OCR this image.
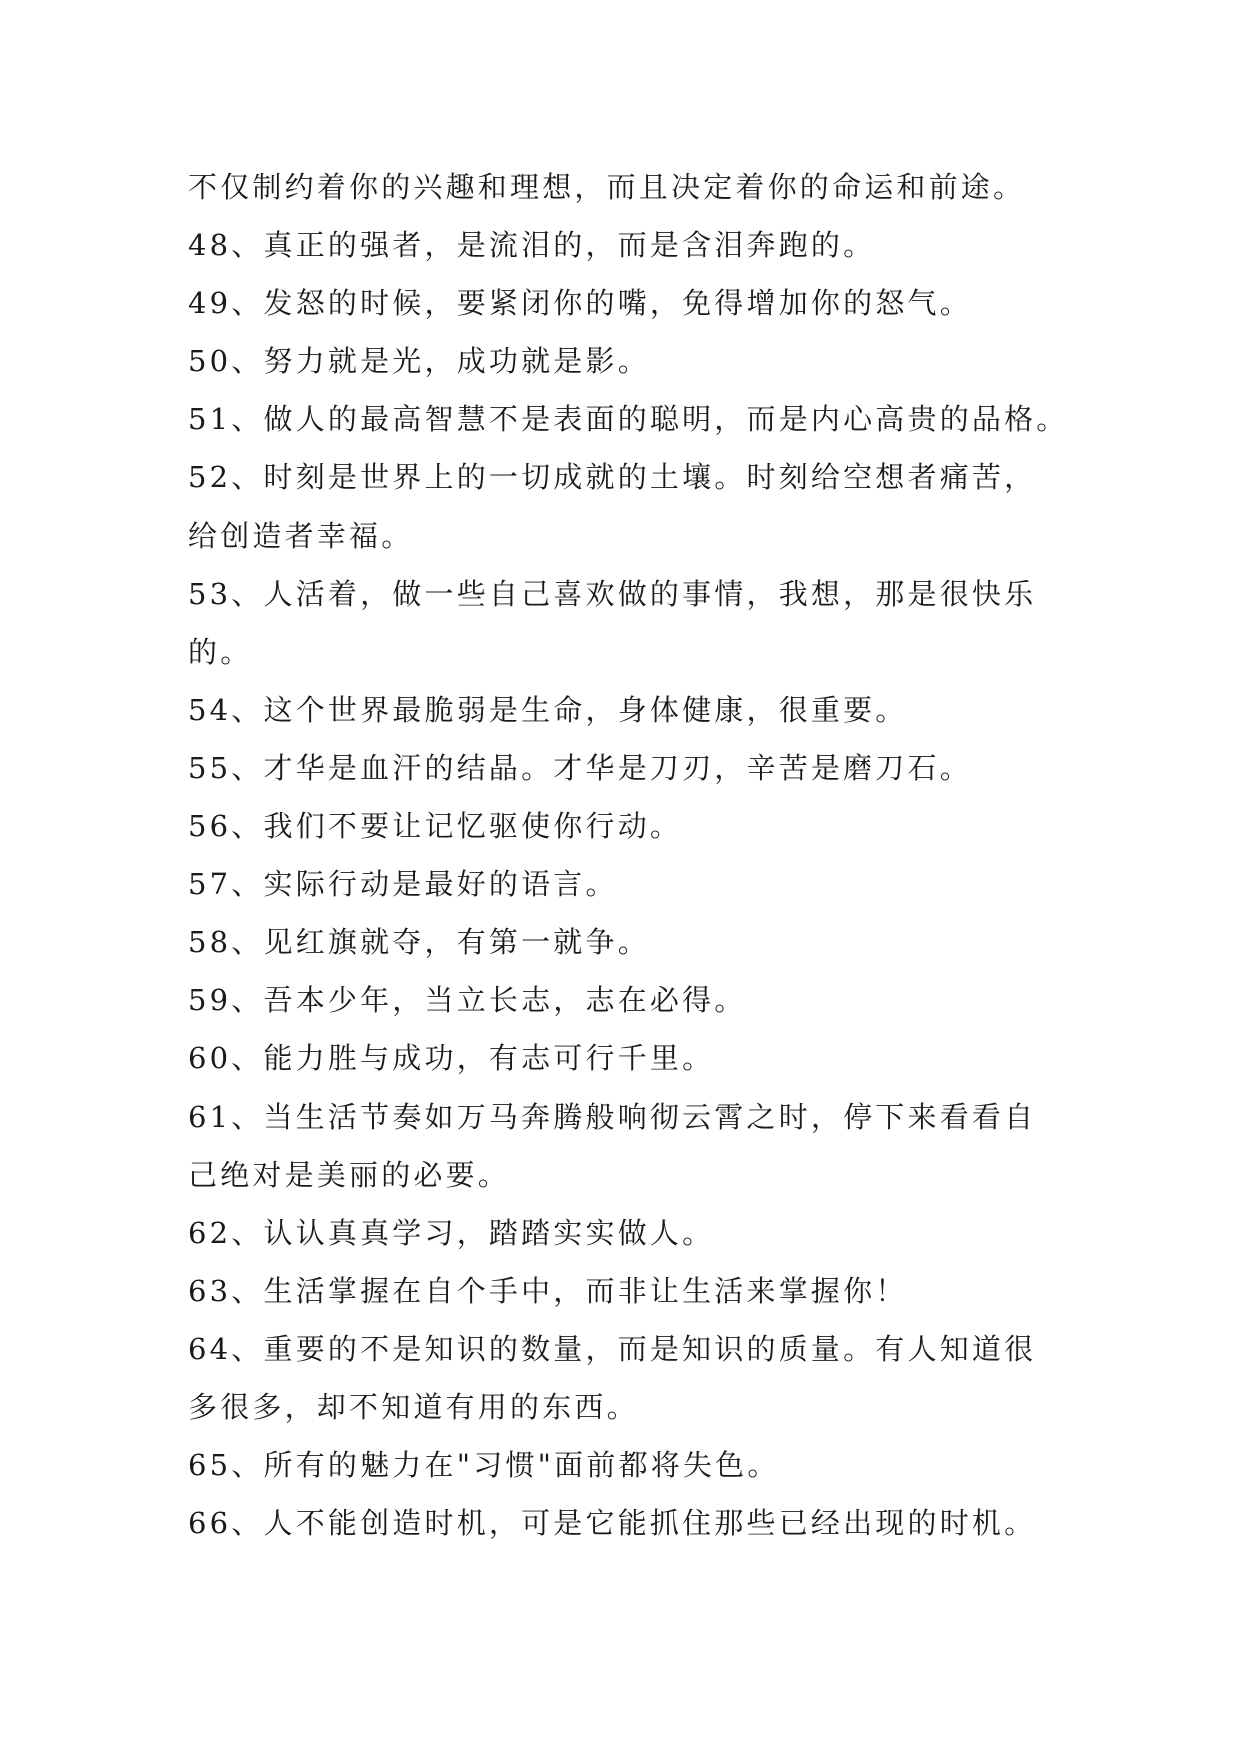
不仅制约着你的兴趣和理想，而且决定着你的命运和前途。
48、真正的强者，是流泪的，而是含泪奔跑的。
49、发怒的时候，要紧闭你的嘴，免得增加你的怒气。
50、努力就是光，成功就是影。
51、做人的最高智慧不是表面的聪明，而是内心高贵的品格。
52、时刻是世界上的一切成就的土壤。时刻给空想者痛苦，
给创造者幸福。
53、人活着，做一些自己喜欢做的事情，我想，那是很快乐
的。
54、这个世界最脆弱是生命，身体健康，很重要。
55、才华是血汗的结晶。才华是刀刃，辛苦是磨刀石。
56、我们不要让记忆驱使你行动。
57、实际行动是最好的语言。
58、见红旗就夺，有第一就争。
59、吾本少年，当立长志，志在必得。
60、能力胜与成功，有志可行千里。
61、当生活节奏如万马奔腾般响彻云霄之时，停下来看看自
己绝对是美丽的必要。
62、认认真真学习，踏踏实实做人。
63、生活掌握在自个手中，而非让生活来掌握你！
64、重要的不是知识的数量，而是知识的质量。有人知道很
多很多，却不知道有用的东西。
65、所有的魅力在"习惯"面前都将失色。
66、人不能创造时机，可是它能抓住那些已经出现的时机。
